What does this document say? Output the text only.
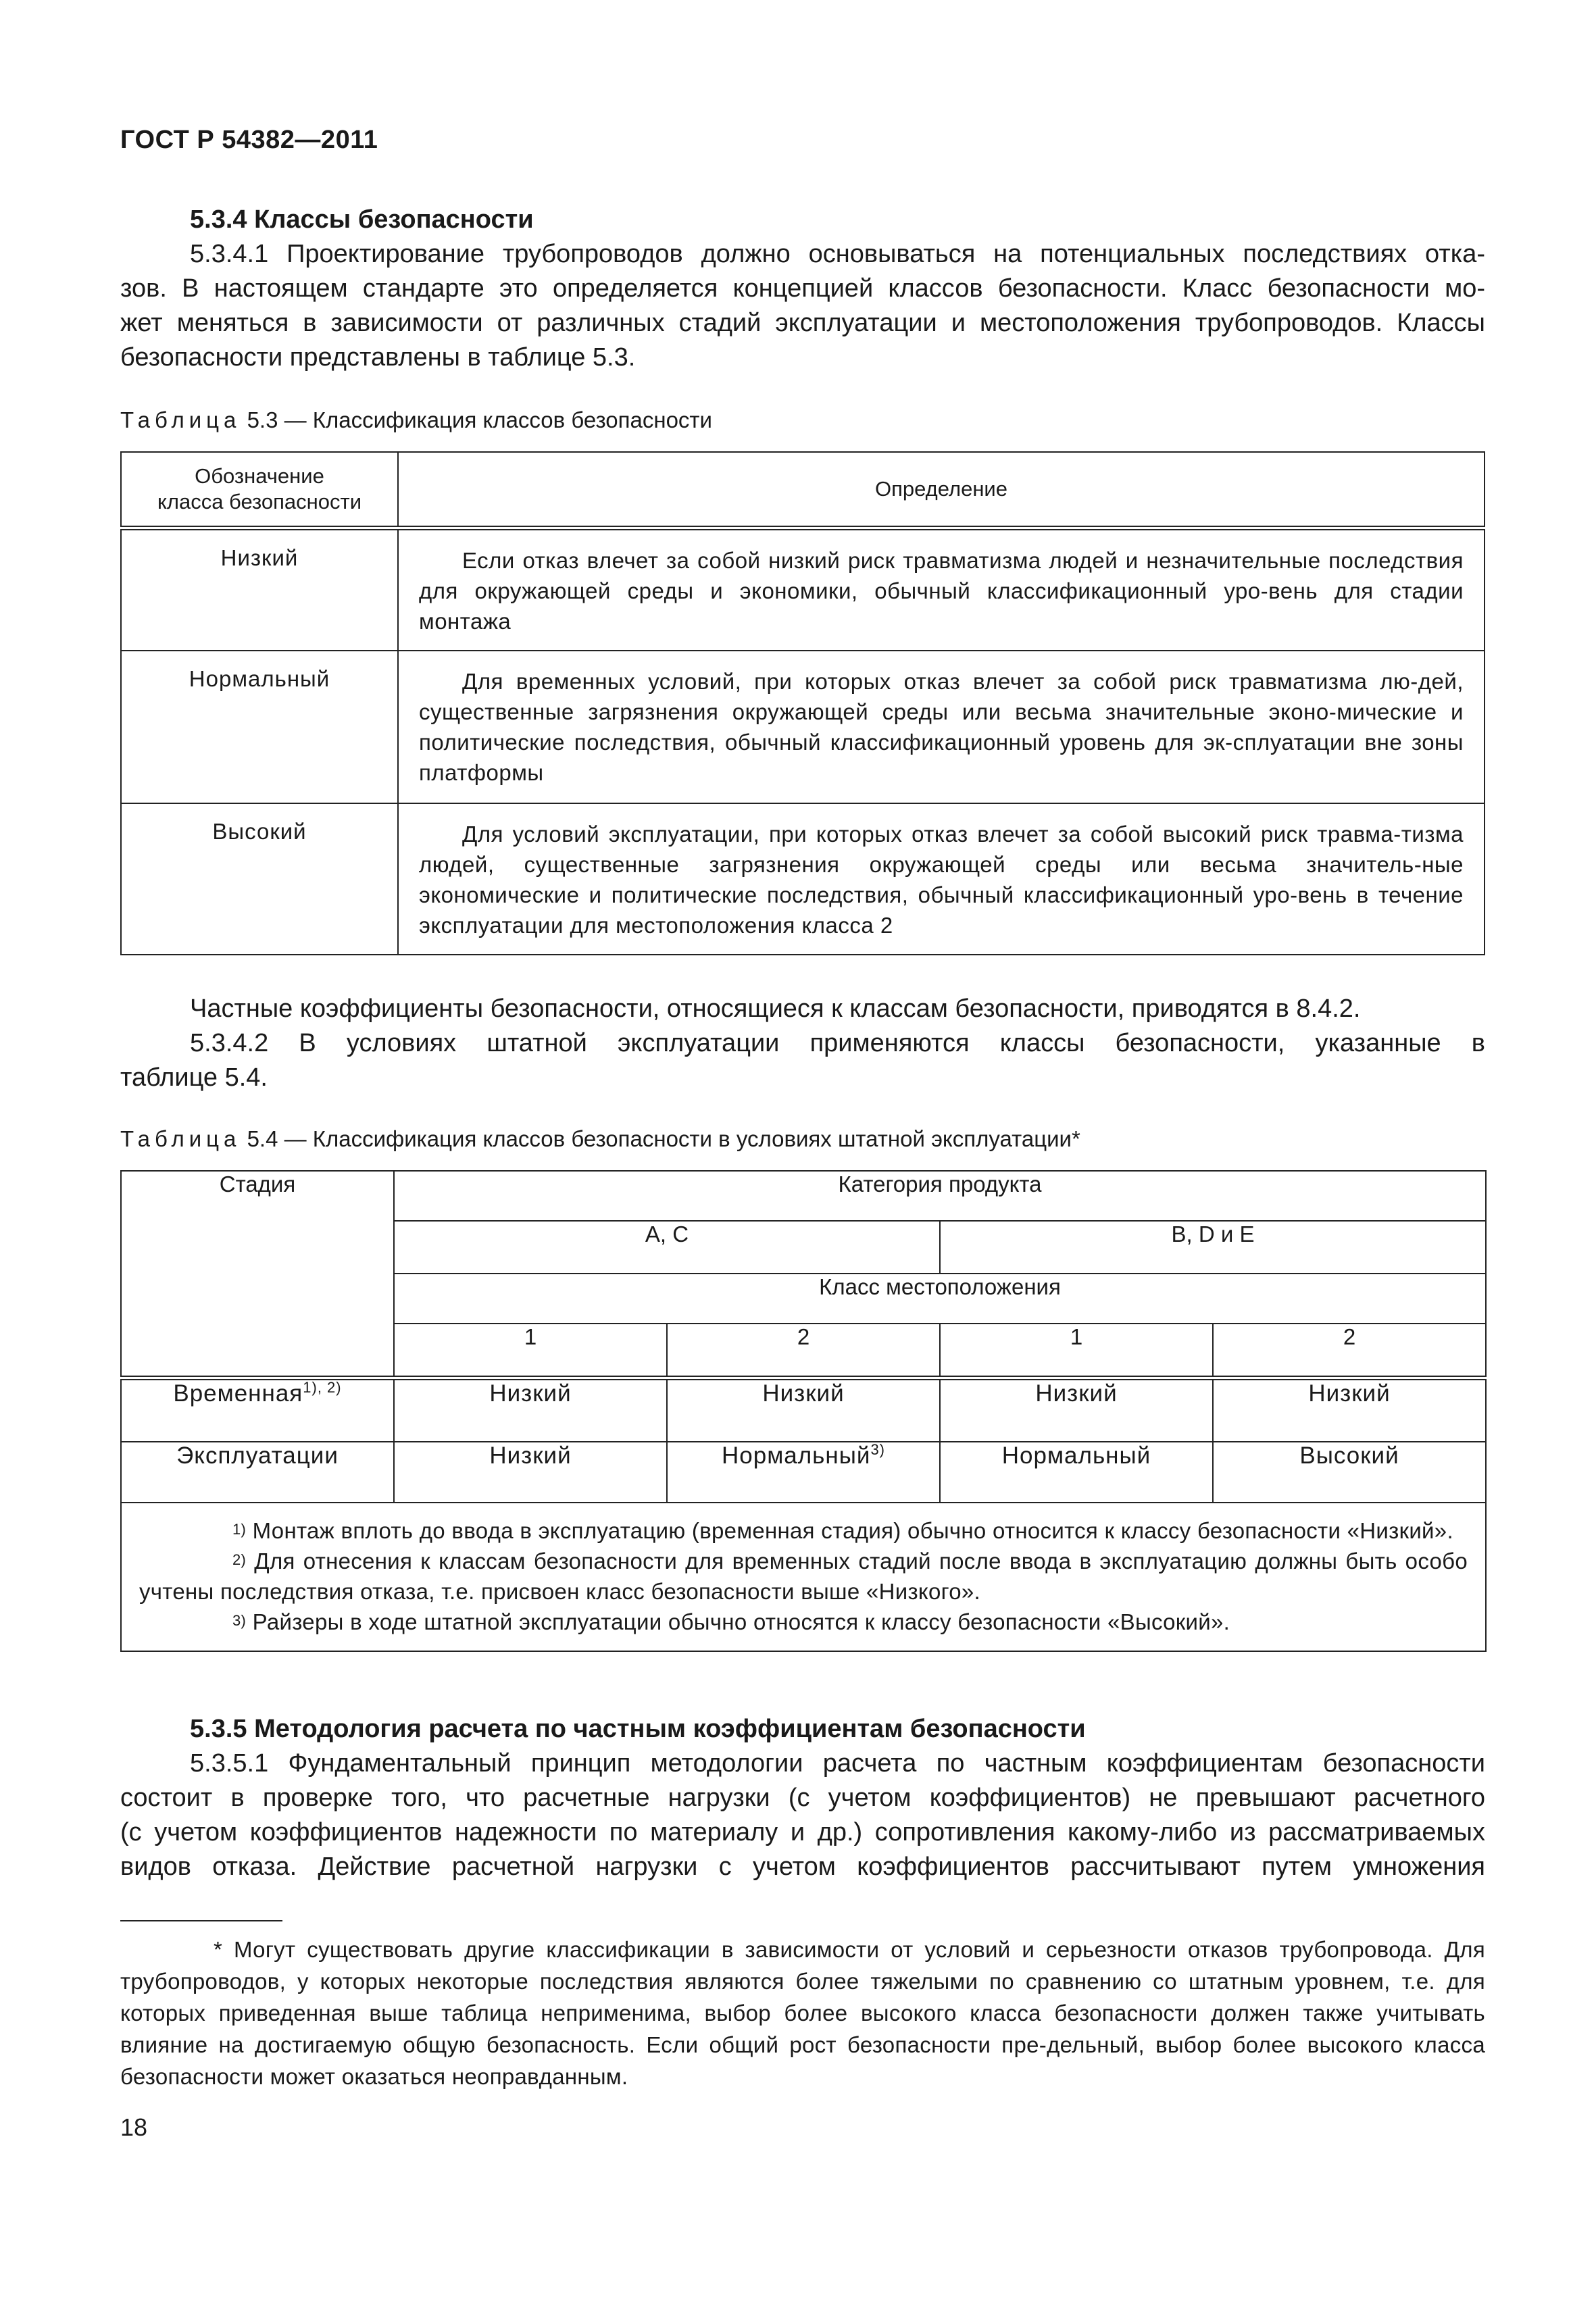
ГОСТ Р 54382—2011
5.3.4 Классы безопасности
5.3.4.1 Проектирование трубопроводов должно основываться на потенциальных последствиях отка-
зов. В настоящем стандарте это определяется концепцией классов безопасности. Класс безопасности мо-
жет меняться в зависимости от различных стадий эксплуатации и местоположения трубопроводов. Классы
безопасности представлены в таблице 5.3.
Таблица 5.3 — Классификация классов безопасности
Обозначение
класса безопасности	Определение
Низкий	Если отказ влечет за собой низкий риск травматизма людей и незначительные последствия для окружающей среды и экономики, обычный классификационный уро-вень для стадии монтажа

Нормальный	Для временных условий, при которых отказ влечет за собой риск травматизма лю-дей, существенные загрязнения окружающей среды или весьма значительные эконо-мические и политические последствия, обычный классификационный уровень для эк-сплуатации вне зоны платформы

Высокий	Для условий эксплуатации, при которых отказ влечет за собой высокий риск травма-тизма людей, существенные загрязнения окружающей среды или весьма значитель-ные экономические и политические последствия, обычный классификационный уро-вень в течение эксплуатации для местоположения класса 2

Частные коэффициенты безопасности, относящиеся к классам безопасности, приводятся в 8.4.2.
5.3.4.2 В условиях штатной эксплуатации применяются классы безопасности, указанные в
таблице 5.4.
Таблица 5.4 — Классификация классов безопасности в условиях штатной эксплуатации*
Стадия	Категория продукта			
	A, C		B, D и E	
	Класс местоположения			
	1	2	1	2
Временная$^{1), 2)}$	Низкий	Низкий	Низкий	Низкий
Эксплуатации	Низкий	Нормальный$^{3)}$	Нормальный	Высокий

$^{1)}$ Монтаж вплоть до ввода в эксплуатацию (временная стадия) обычно относится к классу безопасности «Низкий».

$^{2)}$ Для отнесения к классам безопасности для временных стадий после ввода в эксплуатацию должны быть особо учтены последствия отказа, т.е. присвоен класс безопасности выше «Низкого».

$^{3)}$ Райзеры в ходе штатной эксплуатации обычно относятся к классу безопасности «Высокий».				

5.3.5 Методология расчета по частным коэффициентам безопасности
5.3.5.1 Фундаментальный принцип методологии расчета по частным коэффициентам безопасности
состоит в проверке того, что расчетные нагрузки (с учетом коэффициентов) не превышают расчетного
(с учетом коэффициентов надежности по материалу и др.) сопротивления какому-либо из рассматриваемых
видов отказа. Действие расчетной нагрузки с учетом коэффициентов рассчитывают путем умножения

* Могут существовать другие классификации в зависимости от условий и серьезности отказов трубопровода. Для трубопроводов, у которых некоторые последствия являются более тяжелыми по сравнению со штатным уровнем, т.е. для которых приведенная выше таблица неприменима, выбор более высокого класса безопасности должен также учитывать влияние на достигаемую общую безопасность. Если общий рост безопасности пре-дельный, выбор более высокого класса безопасности может оказаться неоправданным.

18
